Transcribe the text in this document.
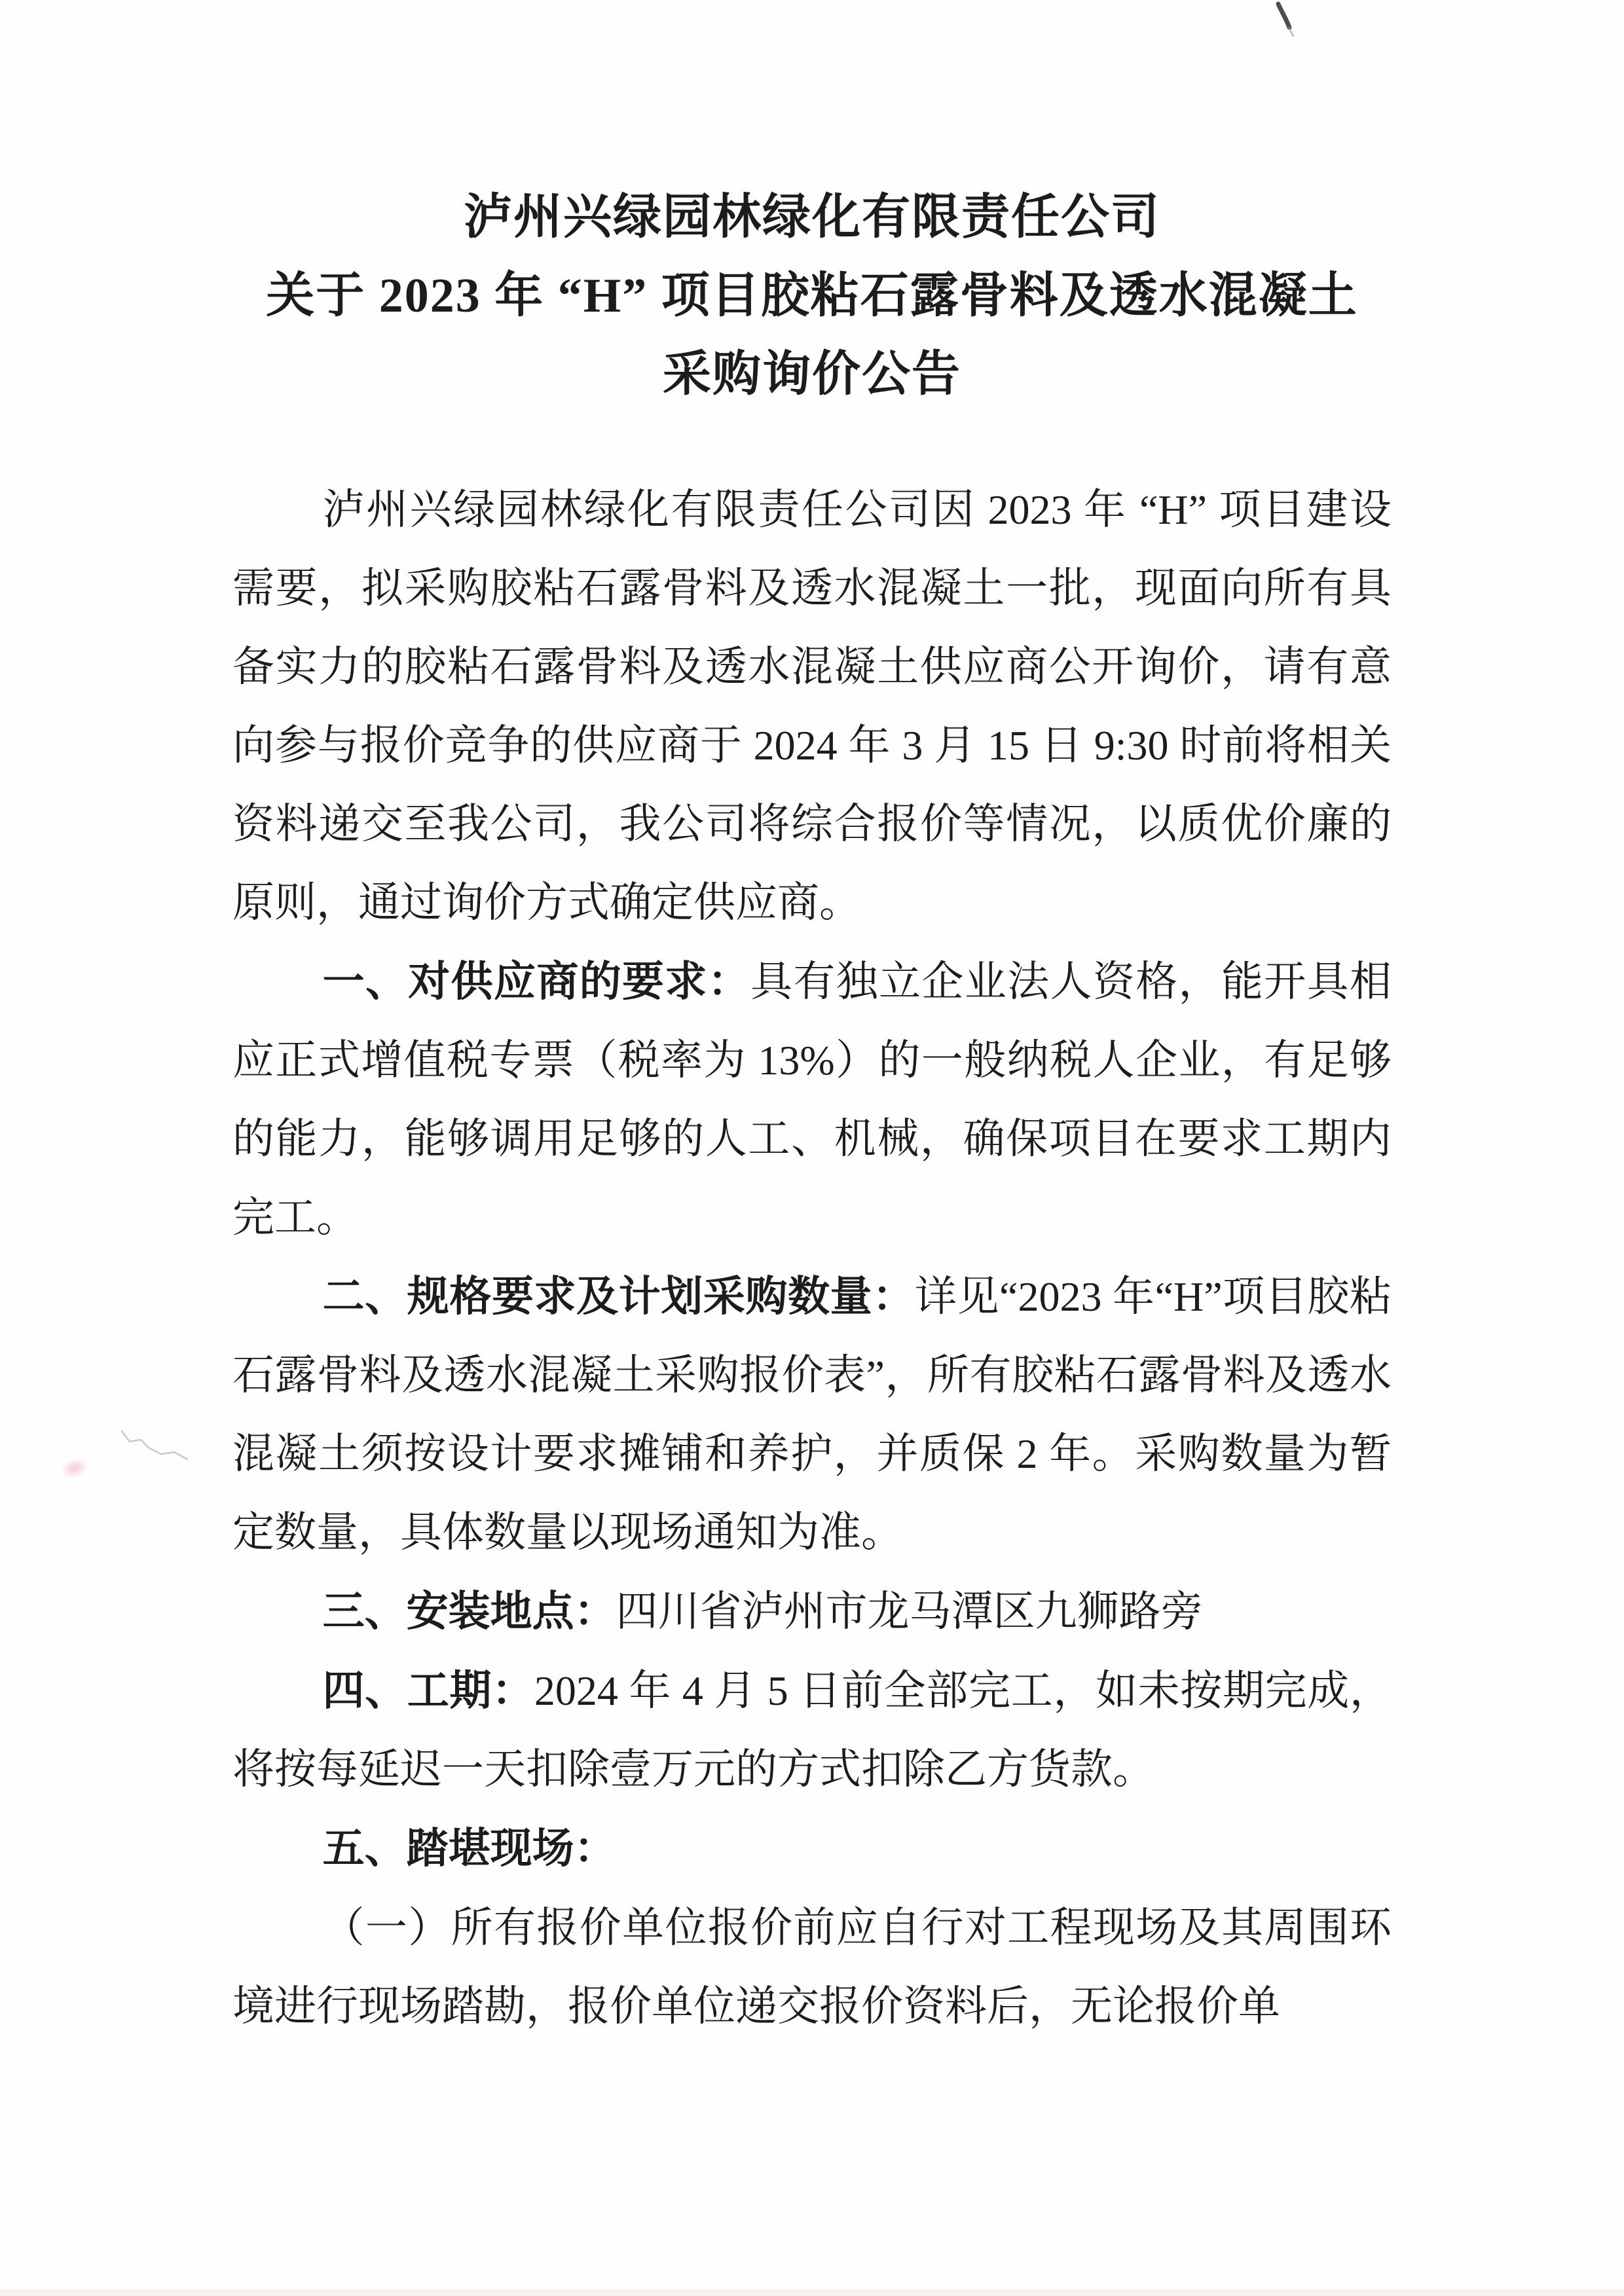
泸州兴绿园林绿化有限责任公司
关于 2023 年 “H” 项目胶粘石露骨料及透水混凝土
采购询价公告

泸州兴绿园林绿化有限责任公司因 2023 年 “H” 项目建设需要，拟采购胶粘石露骨料及透水混凝土一批，现面向所有具备实力的胶粘石露骨料及透水混凝土供应商公开询价，请有意向参与报价竞争的供应商于 2024 年 3 月 15 日 9:30 时前将相关资料递交至我公司，我公司将综合报价等情况，以质优价廉的原则，通过询价方式确定供应商。

一、对供应商的要求：具有独立企业法人资格，能开具相应正式增值税专票（税率为 13%）的一般纳税人企业，有足够的能力，能够调用足够的人工、机械，确保项目在要求工期内完工。

二、规格要求及计划采购数量：详见“2023 年“H”项目胶粘石露骨料及透水混凝土采购报价表”，所有胶粘石露骨料及透水混凝土须按设计要求摊铺和养护，并质保 2 年。采购数量为暂定数量，具体数量以现场通知为准。

三、安装地点：四川省泸州市龙马潭区九狮路旁

四、工期：2024 年 4 月 5 日前全部完工，如未按期完成，将按每延迟一天扣除壹万元的方式扣除乙方货款。

五、踏堪现场：

（一）所有报价单位报价前应自行对工程现场及其周围环境进行现场踏勘，报价单位递交报价资料后，无论报价单
